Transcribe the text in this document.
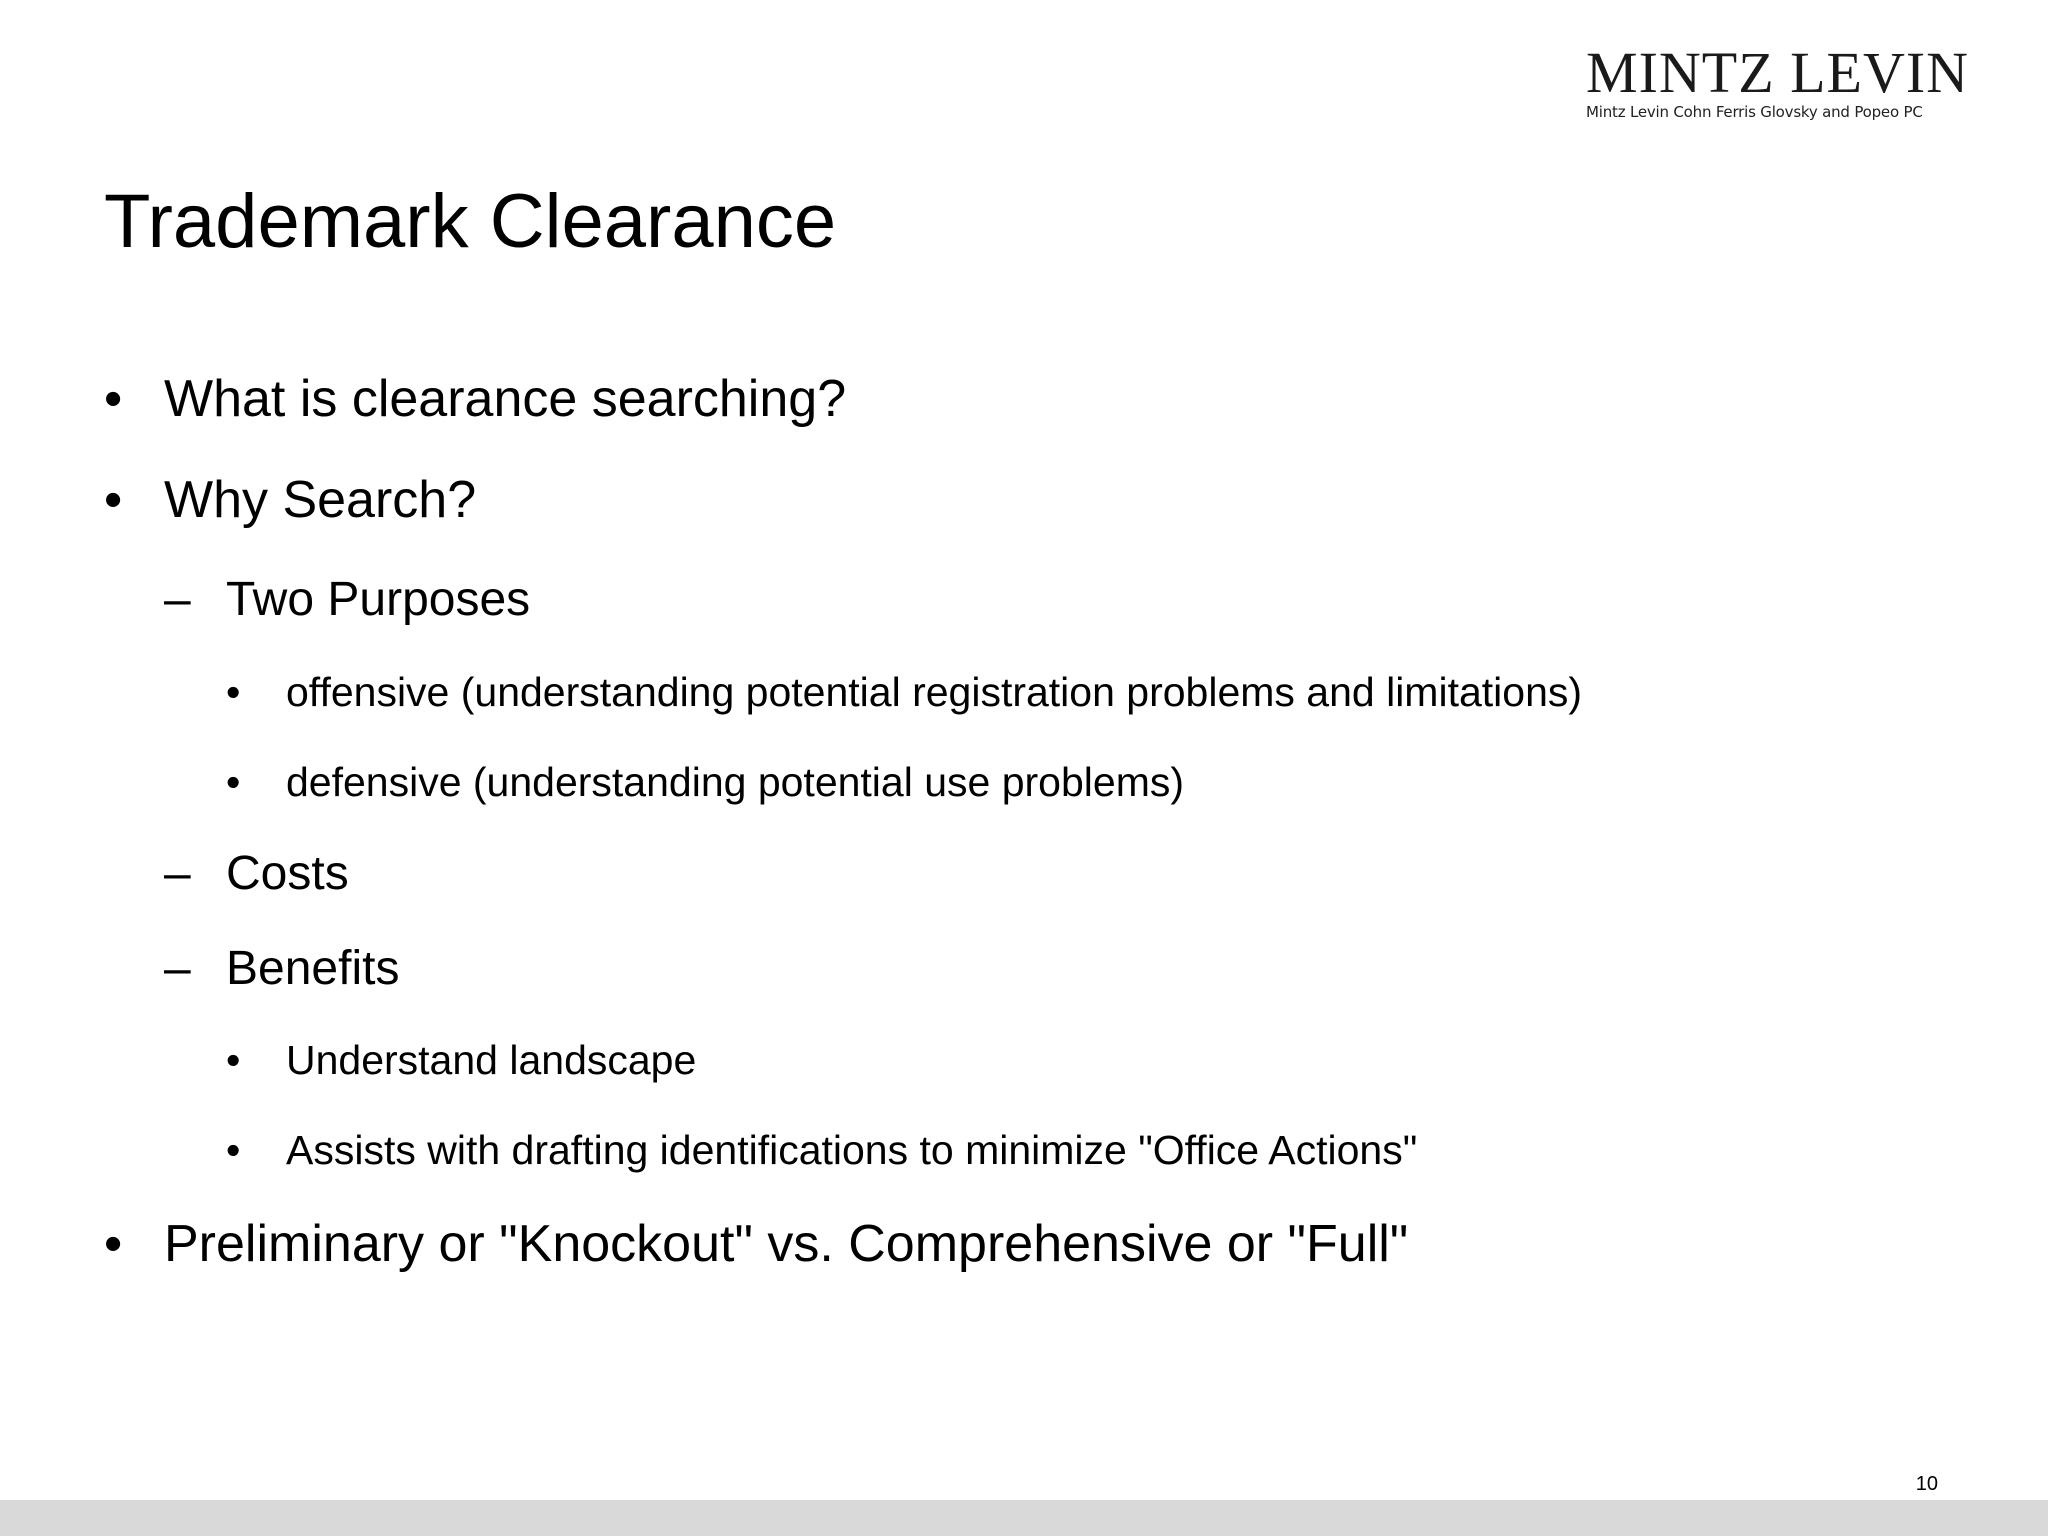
MINTZ LEVIN
Mintz Levin Cohn Ferris Glovsky and Popeo PC
Trademark Clearance
• What is clearance searching?
• Why Search?
– Two Purposes
• offensive (understanding potential registration problems and limitations)
• defensive (understanding potential use problems)
– Costs
– Benefits
• Understand landscape
• Assists with drafting identifications to minimize "Office Actions"
• Preliminary or "Knockout" vs. Comprehensive or "Full"
10
